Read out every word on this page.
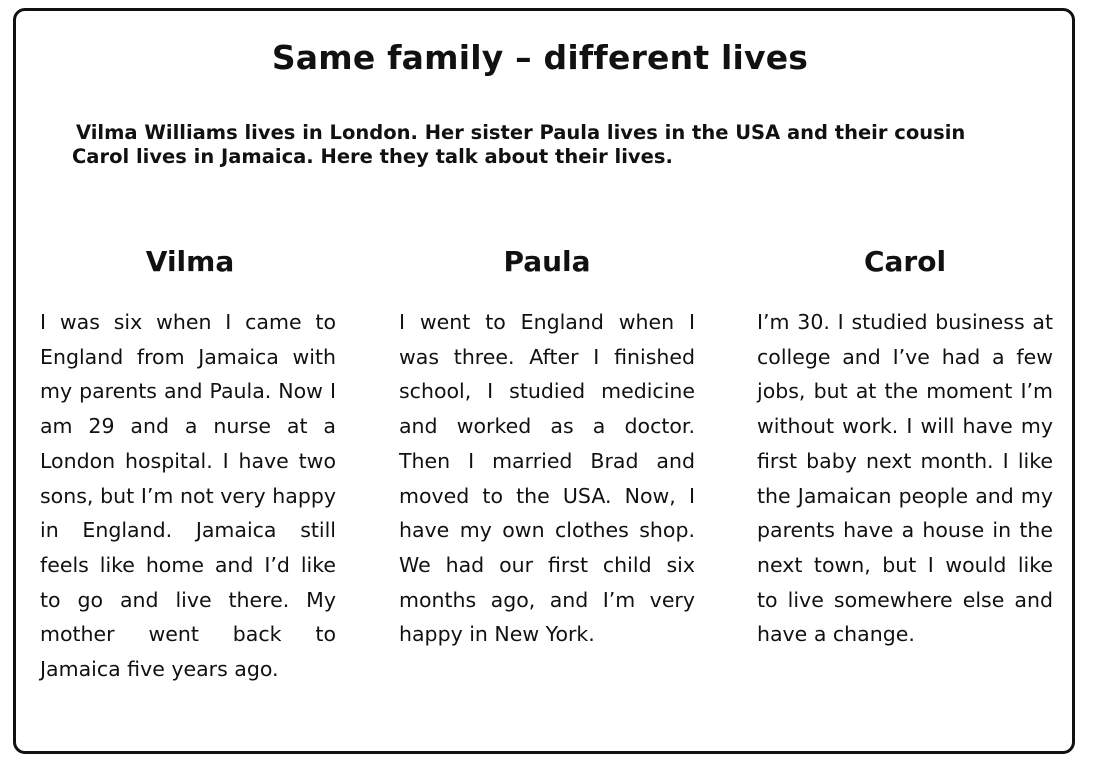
Same family – different lives

Vilma Williams lives in London. Her sister Paula lives in the USA and their cousin
Carol lives in Jamaica. Here they talk about their lives.

Vilma

I was six when I came to England from Jamaica with my parents and Paula. Now I am 29 and a nurse at a London hospital. I have two sons, but I’m not very happy in England. Jamaica still feels like home and I’d like to go and live there. My mother went back to Jamaica five years ago.

Paula

I went to England when I was three. After I finished school, I studied medicine and worked as a doctor. Then I married Brad and moved to the USA. Now, I have my own clothes shop. We had our first child six months ago, and I’m very happy in New York.

Carol

I’m 30. I studied business at college and I’ve had a few jobs, but at the moment I’m without work. I will have my first baby next month. I like the Jamaican people and my parents have a house in the next town, but I would like to live somewhere else and have a change.
